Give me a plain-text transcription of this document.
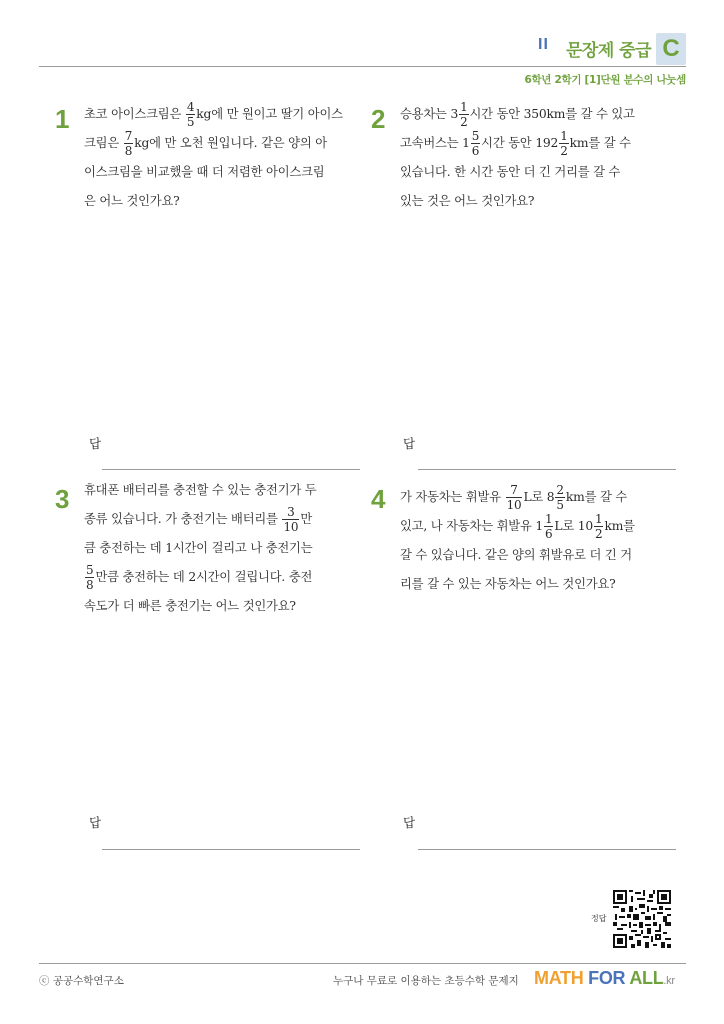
II 문장제 중급 C
6학년 2학기 [1]단원 분수의 나눗셈
1 초코 아이스크림은 $\frac{4}{5}$ kg에 만 원이고 딸기 아이스
크림은 $\frac{7}{8}$ kg에 만 오천 원입니다. 같은 양의 아
이스크림을 비교했을 때 더 저렴한 아이스크림
은 어느 것인가요?
답
2 승용차는 $3 \frac{1}{2}$ 시간 동안 350km를 갈 수 있고
고속버스는 $1 \frac{5}{6}$ 시간 동안 $192 \frac{1}{2}$ km를 갈 수
있습니다. 한 시간 동안 더 긴 거리를 갈 수
있는 것은 어느 것인가요?
답
3 휴대폰 배터리를 충전할 수 있는 충전기가 두
종류 있습니다. 가 충전기는 배터리를 $\frac{3}{10}$ 만
큼 충전하는 데 1시간이 걸리고 나 충전기는
$\frac{5}{8}$ 만큼 충전하는 데 2시간이 걸립니다. 충전
속도가 더 빠른 충전기는 어느 것인가요?
답
4 가 자동차는 휘발유 $\frac{7}{10}$ L로 $8 \frac{2}{5}$ km를 갈 수
있고, 나 자동차는 휘발유 $1 \frac{1}{6}$ L로 $10 \frac{1}{2}$ km를
갈 수 있습니다. 같은 양의 휘발유로 더 긴 거
리를 갈 수 있는 자동차는 어느 것인가요?
답
정답
ⓒ 공공수학연구소	누구나 무료로 이용하는 초등수학 문제지 MATH FOR ALL.kr
